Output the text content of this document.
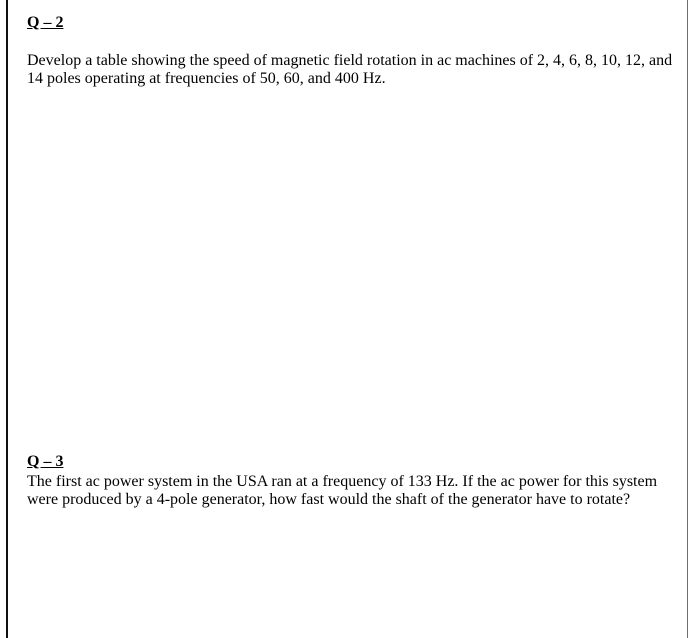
Q – 2
Develop a table showing the speed of magnetic field rotation in ac machines of 2, 4, 6, 8, 10, 12, and 14 poles operating at frequencies of 50, 60, and 400 Hz.
Q – 3
The first ac power system in the USA ran at a frequency of 133 Hz. If the ac power for this system were produced by a 4-pole generator, how fast would the shaft of the generator have to rotate?
